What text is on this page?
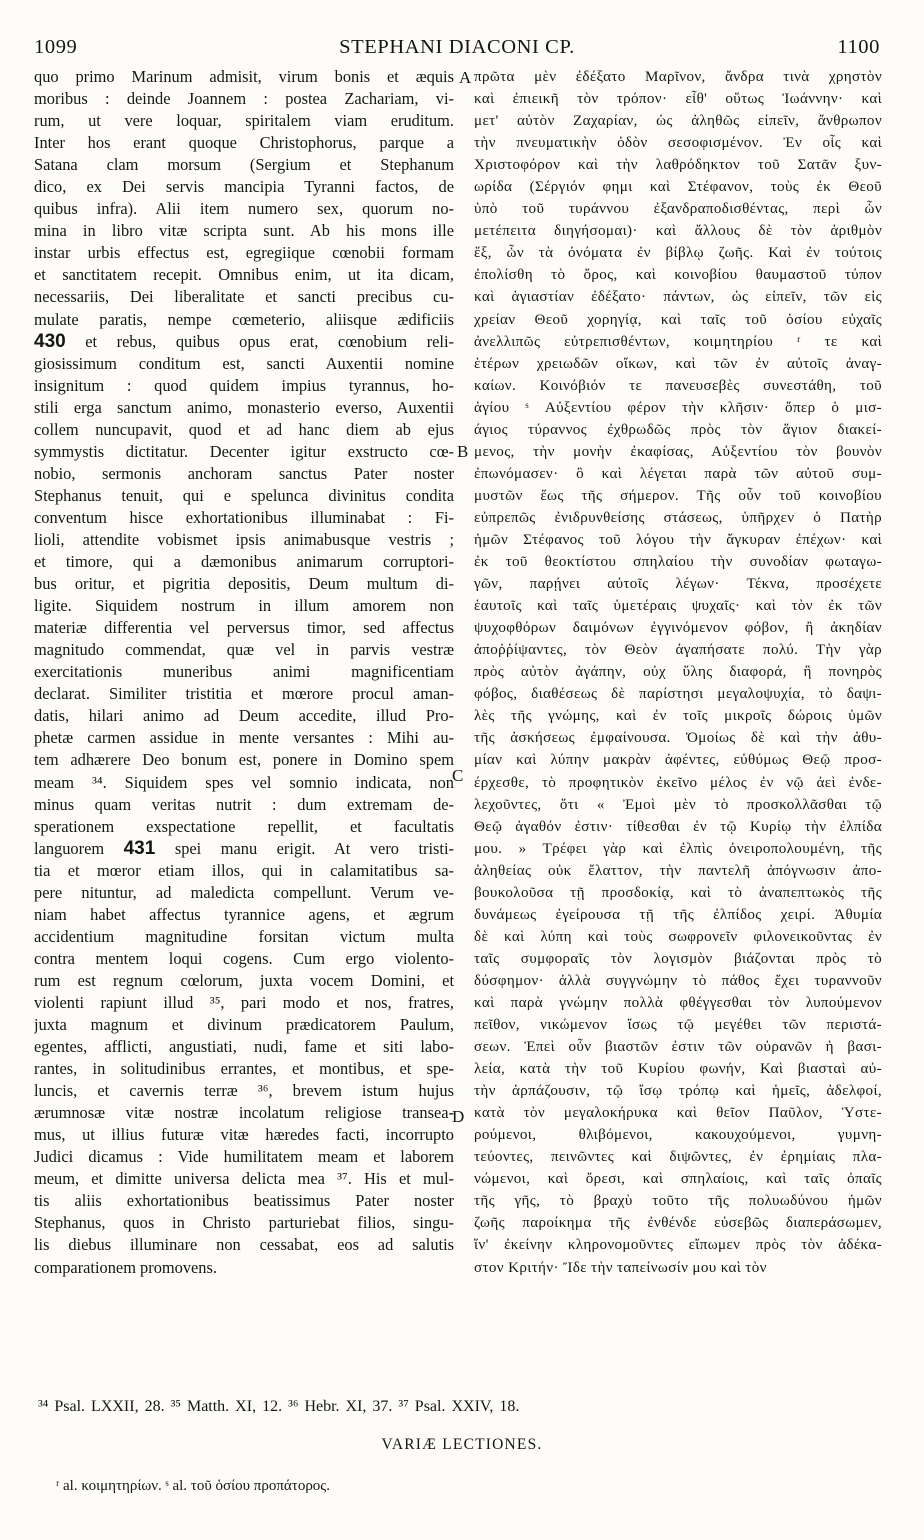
1099	STEPHANI DIACONI CP.	1100
quo primo Marinum admisit, virum bonis et æquis
moribus : deinde Joannem : postea Zachariam, vi-
rum, ut vere loquar, spiritalem viam eruditum.
Inter hos erant quoque Christophorus, parque a
Satana clam morsum (Sergium et Stephanum
dico, ex Dei servis mancipia Tyranni factos, de
quibus infra). Alii item numero sex, quorum no-
mina in libro vitæ scripta sunt. Ab his mons ille
instar urbis effectus est, egregiique cœnobii formam
et sanctitatem recepit. Omnibus enim, ut ita dicam,
necessariis, Dei liberalitate et sancti precibus cu-
mulate paratis, nempe cœmeterio, aliisque ædificiis
430 et rebus, quibus opus erat, cœnobium reli-
giosissimum conditum est, sancti Auxentii nomine
insignitum : quod quidem impius tyrannus, ho-
stili erga sanctum animo, monasterio everso, Auxentii
collem nuncupavit, quod et ad hanc diem ab ejus
symmystis dictitatur. Decenter igitur exstructo cœ-
nobio, sermonis anchoram sanctus Pater noster
Stephanus tenuit, qui e spelunca divinitus condita
conventum hisce exhortationibus illuminabat : Fi-
lioli, attendite vobismet ipsis animabusque vestris ;
et timore, qui a dæmonibus animarum corruptori-
bus oritur, et pigritia depositis, Deum multum di-
ligite. Siquidem nostrum in illum amorem non
materiæ differentia vel perversus timor, sed affectus
magnitudo commendat, quæ vel in parvis vestræ
exercitationis muneribus animi magnificentiam
declarat. Similiter tristitia et mœrore procul aman-
datis, hilari animo ad Deum accedite, illud Pro-
phetæ carmen assidue in mente versantes : Mihi au-
tem adhærere Deo bonum est, ponere in Domino spem
meam ³⁴. Siquidem spes vel somnio indicata, non
minus quam veritas nutrit : dum extremam de-
sperationem exspectatione repellit, et facultatis
languorem 431 spei manu erigit. At vero tristi-
tia et mœror etiam illos, qui in calamitatibus sa-
pere nituntur, ad maledicta compellunt. Verum ve-
niam habet affectus tyrannice agens, et ægrum
accidentium magnitudine forsitan victum multa
contra mentem loqui cogens. Cum ergo violento-
rum est regnum cœlorum, juxta vocem Domini, et
violenti rapiunt illud ³⁵, pari modo et nos, fratres,
juxta magnum et divinum prædicatorem Paulum,
egentes, afflicti, angustiati, nudi, fame et siti labo-
rantes, in solitudinibus errantes, et montibus, et spe-
luncis, et cavernis terræ ³⁶, brevem istum hujus
ærumnosæ vitæ nostræ incolatum religiose transea-
mus, ut illius futuræ vitæ hæredes facti, incorrupto
Judici dicamus : Vide humilitatem meam et laborem
meum, et dimitte universa delicta mea ³⁷. His et mul-
tis aliis exhortationibus beatissimus Pater noster
Stephanus, quos in Christo parturiebat filios, singu-
lis diebus illuminare non cessabat, eos ad salutis
comparationem promovens.
πρῶτα μὲν ἐδέξατο Μαρῖνον, ἄνδρα τινὰ χρηστὸν
καὶ ἐπιεικῆ τὸν τρόπον· εἶθ' οὕτως Ἰωάννην· καὶ
μετ' αὐτὸν Ζαχαρίαν, ὡς ἀληθῶς εἰπεῖν, ἄνθρωπον
τὴν πνευματικὴν ὁδὸν σεσοφισμένον. Ἐν οἷς καὶ
Χριστοφόρον καὶ τὴν λαθρόδηκτον τοῦ Σατᾶν ξυν-
ωρίδα (Σέργιόν φημι καὶ Στέφανον, τοὺς ἐκ Θεοῦ
ὑπὸ τοῦ τυράννου ἐξανδραποδισθέντας, περὶ ὧν
μετέπειτα διηγήσομαι)· καὶ ἄλλους δὲ τὸν ἀριθμὸν
ἕξ, ὧν τὰ ὀνόματα ἐν βίβλῳ ζωῆς. Καὶ ἐν τούτοις
ἐπολίσθη τὸ ὄρος, καὶ κοινοβίου θαυμαστοῦ τύπον
καὶ ἁγιαστίαν ἐδέξατο· πάντων, ὡς εἰπεῖν, τῶν εἰς
χρείαν Θεοῦ χορηγίᾳ, καὶ ταῖς τοῦ ὁσίου εὐχαῖς
ἀνελλιπῶς εὐτρεπισθέντων, κοιμητηρίου ʳ τε καὶ
ἑτέρων χρειωδῶν οἴκων, καὶ τῶν ἐν αὐτοῖς ἀναγ-
καίων. Κοινόβιόν τε πανευσεβὲς συνεστάθη, τοῦ
ἁγίου ˢ Αὐξεντίου φέρον τὴν κλῆσιν· ὅπερ ὁ μισ-
άγιος τύραννος ἐχθρωδῶς πρὸς τὸν ἅγιον διακεί-
μενος, τὴν μονὴν ἐκαφίσας, Αὐξεντίου τὸν βουνὸν
ἐπωνόμασεν· ὃ καὶ λέγεται παρὰ τῶν αὐτοῦ συμ-
μυστῶν ἕως τῆς σήμερον. Τῆς οὖν τοῦ κοινοβίου
εὐπρεπῶς ἐνιδρυνθείσης στάσεως, ὑπῆρχεν ὁ Πατὴρ
ἡμῶν Στέφανος τοῦ λόγου τὴν ἄγκυραν ἐπέχων· καὶ
ἐκ τοῦ θεοκτίστου σπηλαίου τὴν συνοδίαν φωταγω-
γῶν, παρῄνει αὐτοῖς λέγων· Τέκνα, προσέχετε
ἑαυτοῖς καὶ ταῖς ὑμετέραις ψυχαῖς· καὶ τὸν ἐκ τῶν
ψυχοφθόρων δαιμόνων ἐγγινόμενον φόβον, ἢ ἀκηδίαν
ἀποῤῥίψαντες, τὸν Θεὸν ἀγαπήσατε πολύ. Τὴν γὰρ
πρὸς αὐτὸν ἀγάπην, οὐχ ὕλης διαφορά, ἢ πονηρὸς
φόβος, διαθέσεως δὲ παρίστησι μεγαλοψυχία, τὸ δαψι-
λὲς τῆς γνώμης, καὶ ἐν τοῖς μικροῖς δώροις ὑμῶν
τῆς ἀσκήσεως ἐμφαίνουσα. Ὁμοίως δὲ καὶ τὴν ἀθυ-
μίαν καὶ λύπην μακρὰν ἀφέντες, εὐθύμως Θεῷ προσ-
έρχεσθε, τὸ προφητικὸν ἐκεῖνο μέλος ἐν νῷ ἀεὶ ἐνδε-
λεχοῦντες, ὅτι « Ἐμοὶ μὲν τὸ προσκολλᾶσθαι τῷ
Θεῷ ἀγαθόν ἐστιν· τίθεσθαι ἐν τῷ Κυρίῳ τὴν ἐλπίδα
μου. » Τρέφει γὰρ καὶ ἐλπὶς ὀνειροπολουμένη, τῆς
ἀληθείας οὐκ ἔλαττον, τὴν παντελῆ ἀπόγνωσιν ἀπο-
βουκολοῦσα τῇ προσδοκίᾳ, καὶ τὸ ἀναπεπτωκὸς τῆς
δυνάμεως ἐγείρουσα τῇ τῆς ἐλπίδος χειρί. Ἀθυμία
δὲ καὶ λύπη καὶ τοὺς σωφρονεῖν φιλονεικοῦντας ἐν
ταῖς συμφοραῖς τὸν λογισμὸν βιάζονται πρὸς τὸ
δύσφημον· ἀλλὰ συγγνώμην τὸ πάθος ἔχει τυραννοῦν
καὶ παρὰ γνώμην πολλὰ φθέγγεσθαι τὸν λυπούμενον
πεῖθον, νικώμενον ἴσως τῷ μεγέθει τῶν περιστά-
σεων. Ἐπεὶ οὖν βιαστῶν ἐστιν τῶν οὐρανῶν ἡ βασι-
λεία, κατὰ τὴν τοῦ Κυρίου φωνήν, Καὶ βιασταὶ αὐ-
τὴν ἁρπάζουσιν, τῷ ἴσῳ τρόπῳ καὶ ἡμεῖς, ἀδελφοί,
κατὰ τὸν μεγαλοκήρυκα καὶ θεῖον Παῦλον, Ὑστε-
ρούμενοι, θλιβόμενοι, κακουχούμενοι, γυμνη-
τεύοντες, πεινῶντες καὶ διψῶντες, ἐν ἐρημίαις πλα-
νώμενοι, καὶ ὄρεσι, καὶ σπηλαίοις, καὶ ταῖς ὀπαῖς
τῆς γῆς, τὸ βραχὺ τοῦτο τῆς πολυωδύνου ἡμῶν
ζωῆς παροίκημα τῆς ἐνθένδε εὐσεβῶς διαπεράσωμεν,
ἵν' ἐκείνην κληρονομοῦντες εἴπωμεν πρὸς τὸν ἀδέκα-
στον Κριτήν· Ἴδε τὴν ταπείνωσίν μου καὶ τὸν
A
B
C
D
³⁴ Psal. LXXII, 28. ³⁵ Matth. XI, 12. ³⁶ Hebr. XI, 37. ³⁷ Psal. XXIV, 18.
VARIÆ LECTIONES.
ʳ al. κοιμητηρίων. ˢ al. τοῦ ὁσίου προπάτορος.
